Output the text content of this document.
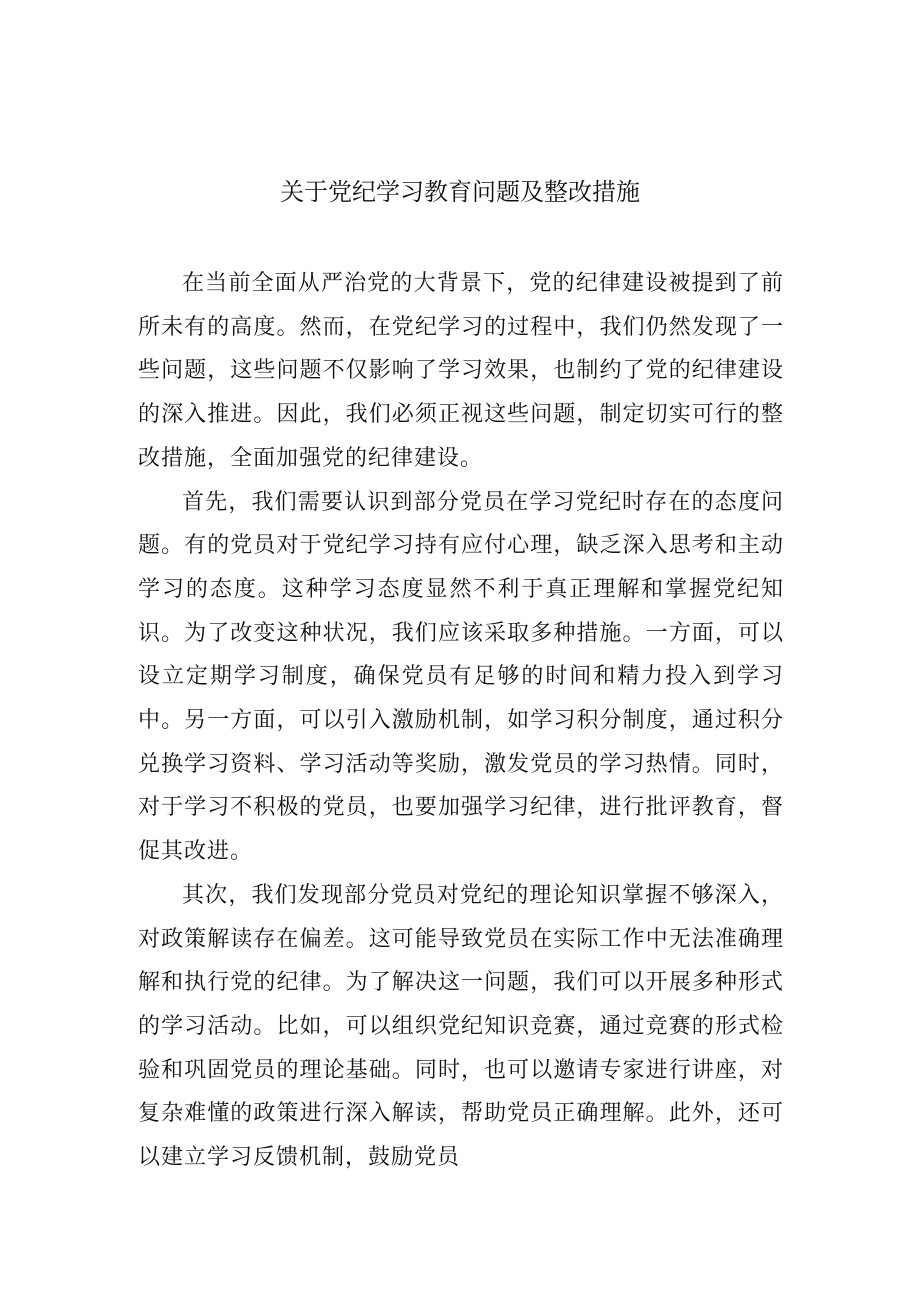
关于党纪学习教育问题及整改措施

在当前全面从严治党的大背景下，党的纪律建设被提到了前所未有的高度。然而，在党纪学习的过程中，我们仍然发现了一些问题，这些问题不仅影响了学习效果，也制约了党的纪律建设的深入推进。因此，我们必须正视这些问题，制定切实可行的整改措施，全面加强党的纪律建设。

首先，我们需要认识到部分党员在学习党纪时存在的态度问题。有的党员对于党纪学习持有应付心理，缺乏深入思考和主动学习的态度。这种学习态度显然不利于真正理解和掌握党纪知识。为了改变这种状况，我们应该采取多种措施。一方面，可以设立定期学习制度，确保党员有足够的时间和精力投入到学习中。另一方面，可以引入激励机制，如学习积分制度，通过积分兑换学习资料、学习活动等奖励，激发党员的学习热情。同时，对于学习不积极的党员，也要加强学习纪律，进行批评教育，督促其改进。

其次，我们发现部分党员对党纪的理论知识掌握不够深入，对政策解读存在偏差。这可能导致党员在实际工作中无法准确理解和执行党的纪律。为了解决这一问题，我们可以开展多种形式的学习活动。比如，可以组织党纪知识竞赛，通过竞赛的形式检验和巩固党员的理论基础。同时，也可以邀请专家进行讲座，对复杂难懂的政策进行深入解读，帮助党员正确理解。此外，还可以建立学习反馈机制，鼓励党员
